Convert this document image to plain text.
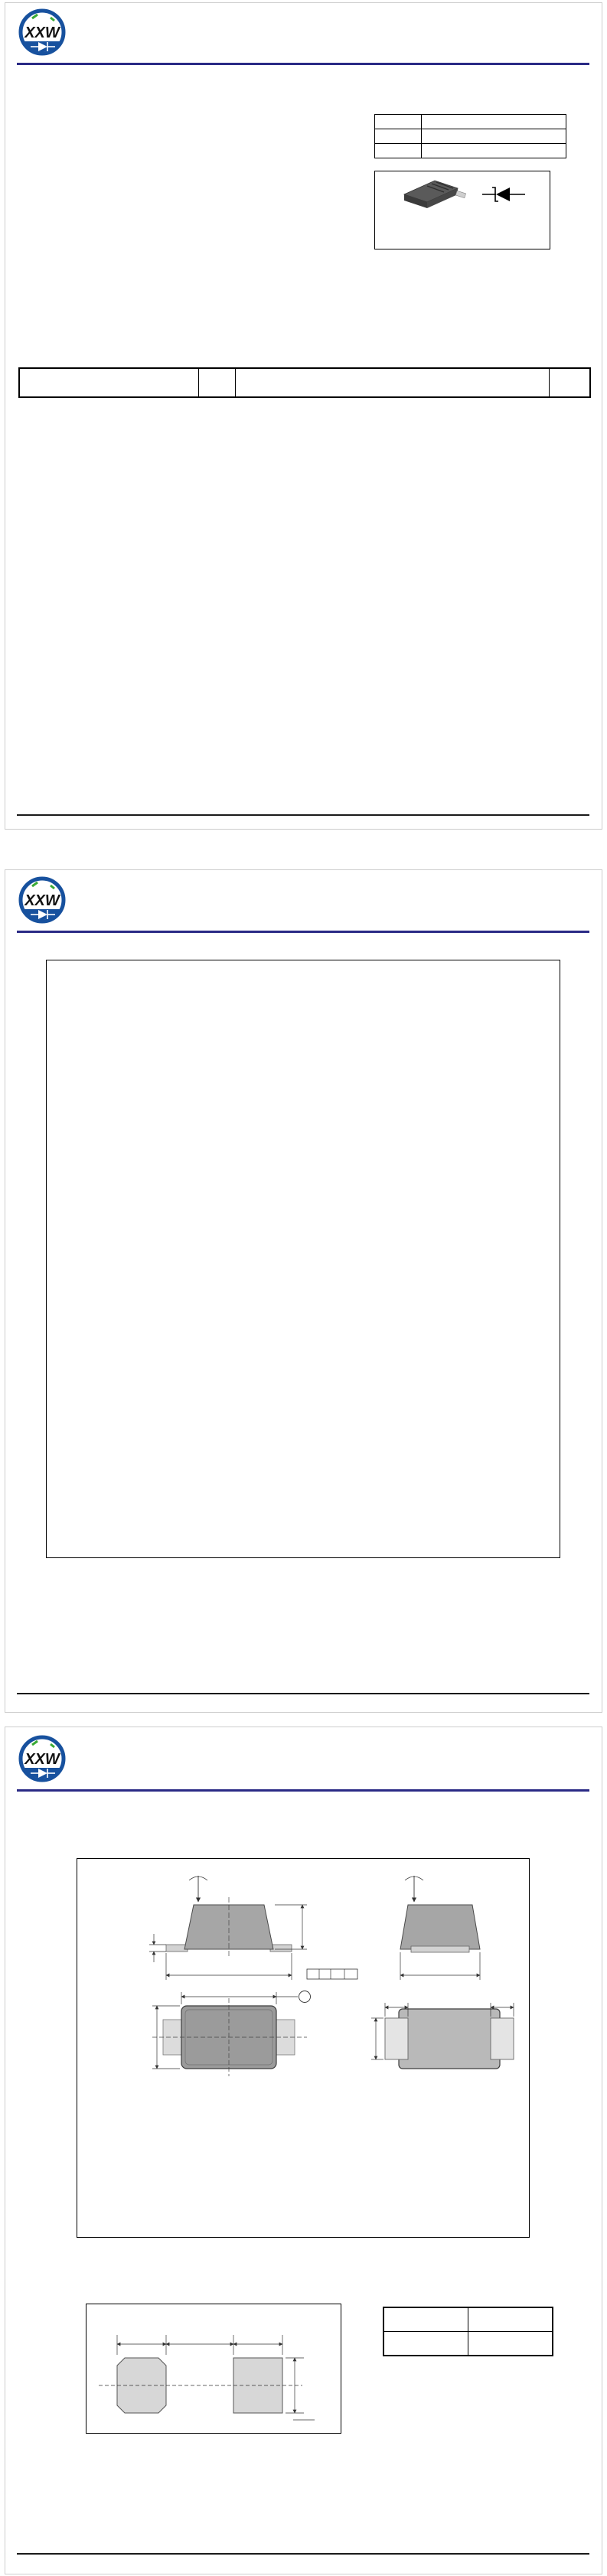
XXW

XXW
XXW
